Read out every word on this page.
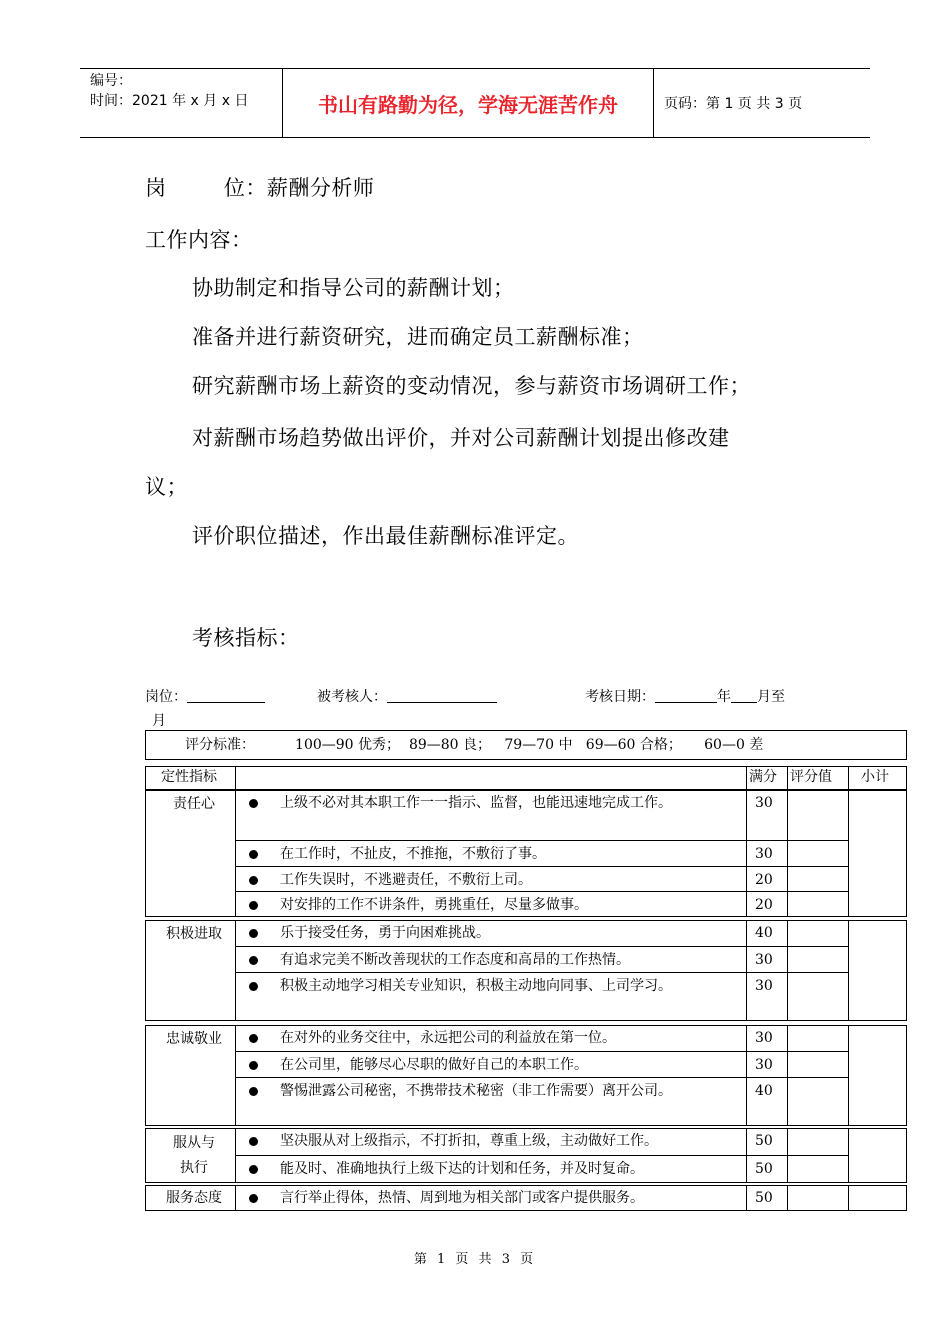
编号：
时间：2021 年 x 月 x 日	书山有路勤为径，学海无涯苦作舟	页码：第 1 页 共 3 页
岗        位：薪酬分析师
工作内容：
协助制定和指导公司的薪酬计划；
准备并进行薪资研究，进而确定员工薪酬标准；
研究薪酬市场上薪资的变动情况，参与薪资市场调研工作；
对薪酬市场趋势做出评价，并对公司薪酬计划提出修改建
议；
评价职位描述，作出最佳薪酬标准评定。
考核指标：
岗位：	被考核人：	考核日期：	年 月至
月
评分标准：         100—90 优秀；  89—80 良；   79—70 中   69—60 合格；     60—0 差
定性指标	满分 评分值 小计
责任心	上级不必对其本职工作一一指示、监督，也能迅速地完成工作。	30
在工作时，不扯皮，不推拖，不敷衍了事。	30
工作失误时，不逃避责任，不敷衍上司。	20
对安排的工作不讲条件，勇挑重任，尽量多做事。	20
积极进取	乐于接受任务，勇于向困难挑战。	40
有追求完美不断改善现状的工作态度和高昂的工作热情。	30
积极主动地学习相关专业知识，积极主动地向同事、上司学习。	30
忠诚敬业	在对外的业务交往中，永远把公司的利益放在第一位。	30
在公司里，能够尽心尽职的做好自己的本职工作。	30
警惕泄露公司秘密，不携带技术秘密（非工作需要）离开公司。	40
服从与
执行
坚决服从对上级指示，不打折扣，尊重上级，主动做好工作。	50
能及时、准确地执行上级下达的计划和任务，并及时复命。	50
服务态度	言行举止得体，热情、周到地为相关部门或客户提供服务。	50
第 1 页 共 3 页
